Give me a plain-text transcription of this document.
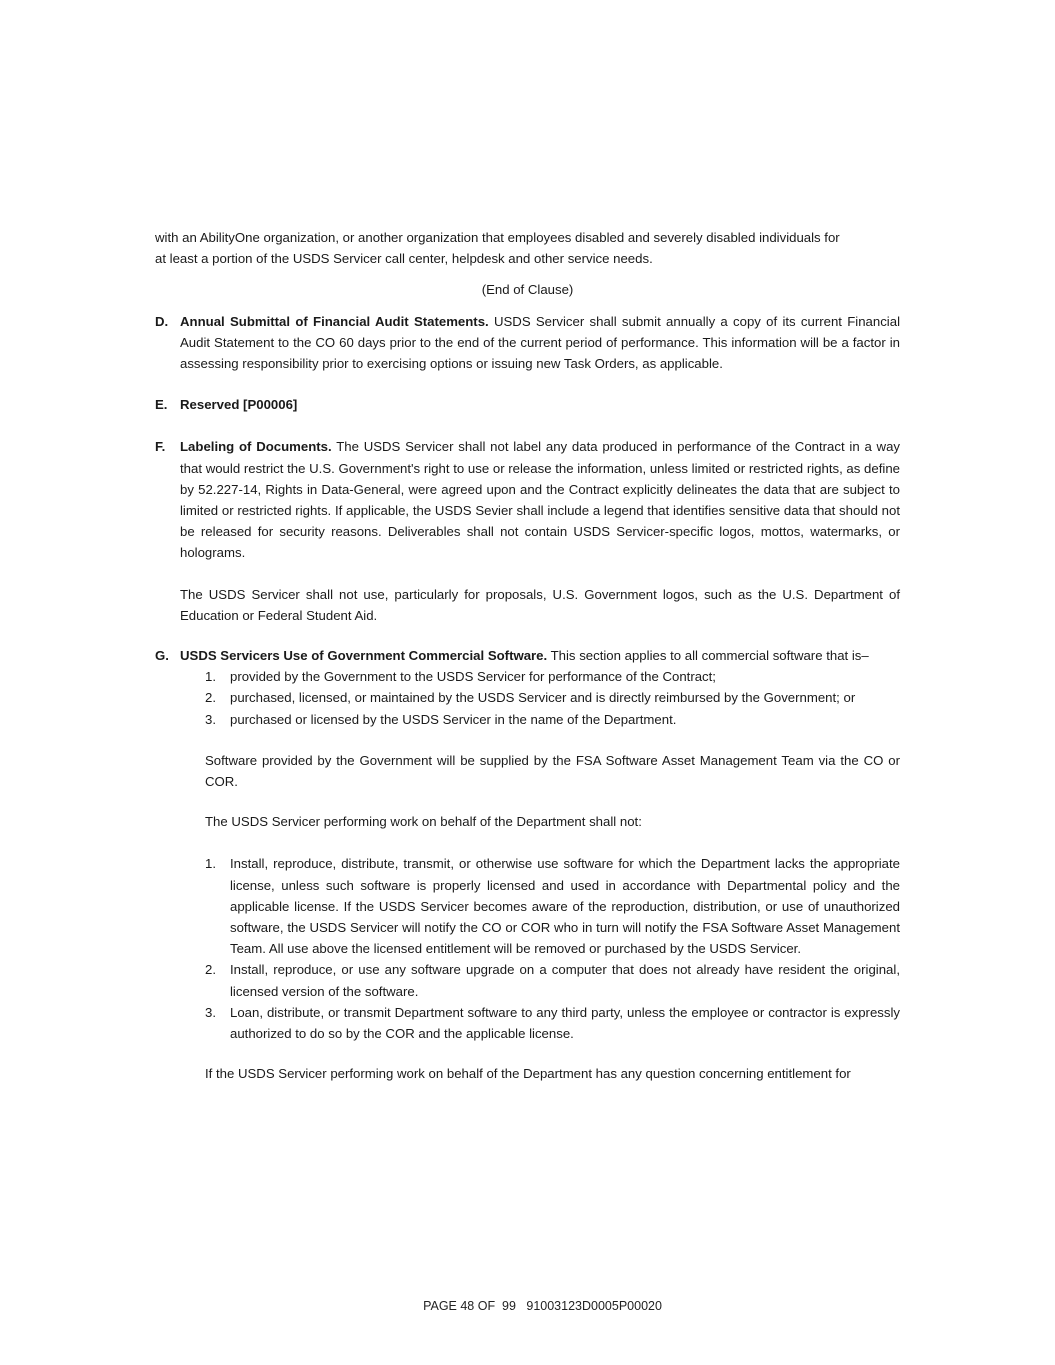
with an AbilityOne organization, or another organization that employees disabled and severely disabled individuals for

at least a portion of the USDS Servicer call center, helpdesk and other service needs.

(End of Clause)

D. Annual Submittal of Financial Audit Statements. USDS Servicer shall submit annually a copy of its current Financial Audit Statement to the CO 60 days prior to the end of the current period of performance. This information will be a factor in assessing responsibility prior to exercising options or issuing new Task Orders, as applicable.

E. Reserved [P00006]

F. Labeling of Documents. The USDS Servicer shall not label any data produced in performance of the Contract in a way that would restrict the U.S. Government's right to use or release the information, unless limited or restricted rights, as define by 52.227-14, Rights in Data-General, were agreed upon and the Contract explicitly delineates the data that are subject to limited or restricted rights. If applicable, the USDS Sevier shall include a legend that identifies sensitive data that should not be released for security reasons. Deliverables shall not contain USDS Servicer-specific logos, mottos, watermarks, or holograms.

The USDS Servicer shall not use, particularly for proposals, U.S. Government logos, such as the U.S. Department of Education or Federal Student Aid.

G. USDS Servicers Use of Government Commercial Software. This section applies to all commercial software that is–

1. provided by the Government to the USDS Servicer for performance of the Contract;

2. purchased, licensed, or maintained by the USDS Servicer and is directly reimbursed by the Government; or

3. purchased or licensed by the USDS Servicer in the name of the Department.

Software provided by the Government will be supplied by the FSA Software Asset Management Team via the CO or COR.

The USDS Servicer performing work on behalf of the Department shall not:

1. Install, reproduce, distribute, transmit, or otherwise use software for which the Department lacks the appropriate license, unless such software is properly licensed and used in accordance with Departmental policy and the applicable license. If the USDS Servicer becomes aware of the reproduction, distribution, or use of unauthorized software, the USDS Servicer will notify the CO or COR who in turn will notify the FSA Software Asset Management Team. All use above the licensed entitlement will be removed or purchased by the USDS Servicer.

2. Install, reproduce, or use any software upgrade on a computer that does not already have resident the original, licensed version of the software.

3. Loan, distribute, or transmit Department software to any third party, unless the employee or contractor is expressly authorized to do so by the COR and the applicable license.

If the USDS Servicer performing work on behalf of the Department has any question concerning entitlement for

PAGE 48 OF  99 91003123D0005P00020
